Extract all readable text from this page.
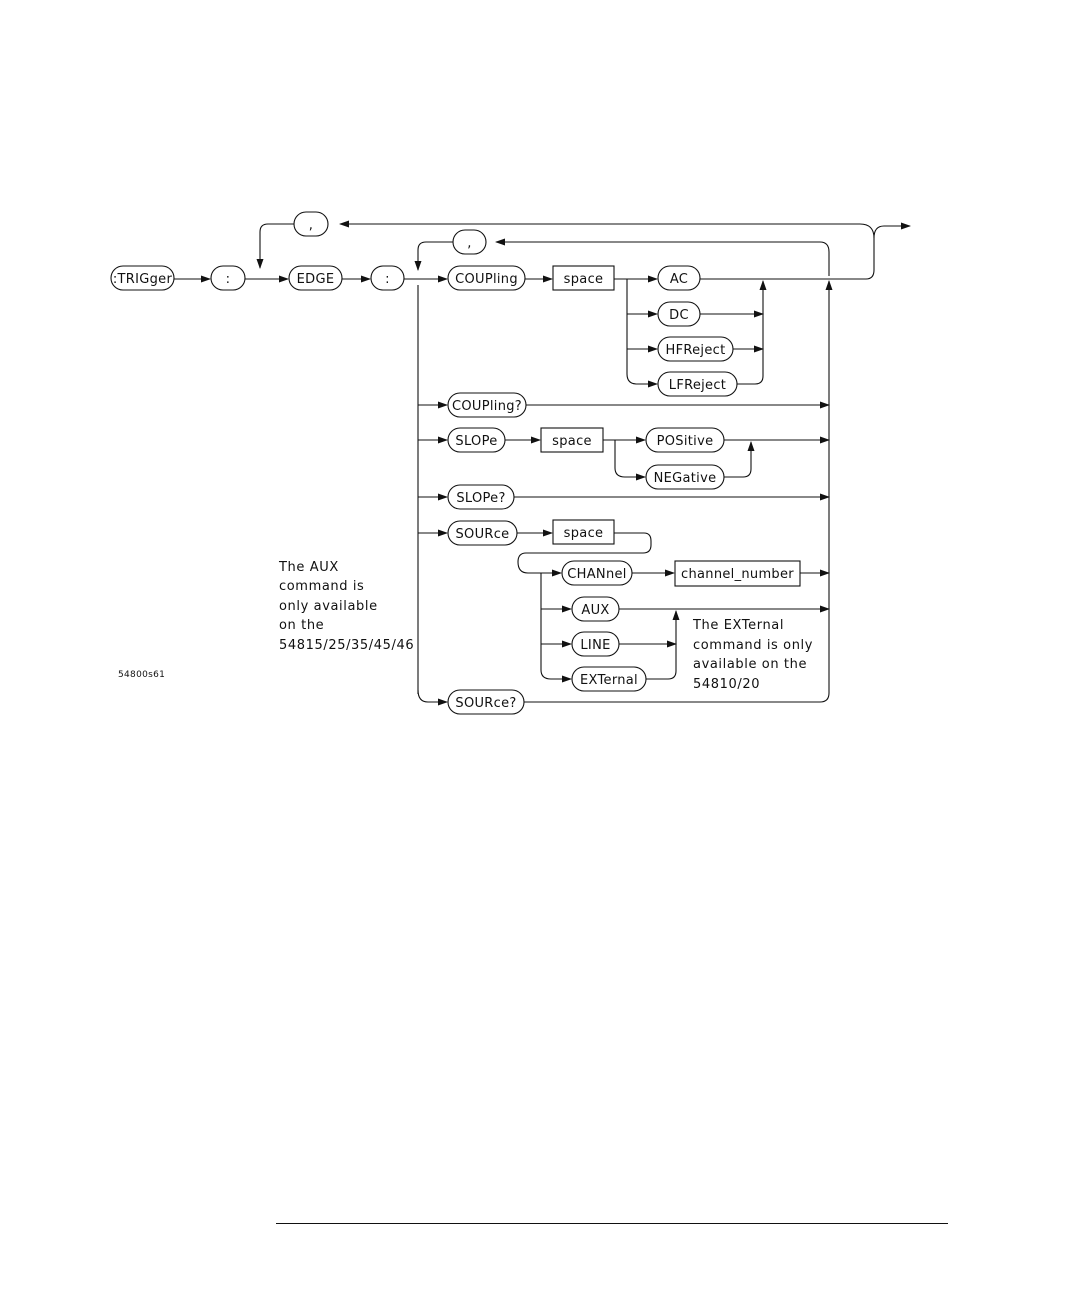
:TRIGger	:
,
EDGE	:
,
COUPling	space	AC
DC
HFReject
LFReject
COUPling?
SLOPe	space	POSitive
NEGative
SLOPe?
SOURce	space
CHANnel	channel_number
AUX
LINE
EXTernal
SOURce?
The AUX
command is
only available
on the
54815/25/35/45/46
The EXTernal
command is only
available on the
54810/20
54800s61
